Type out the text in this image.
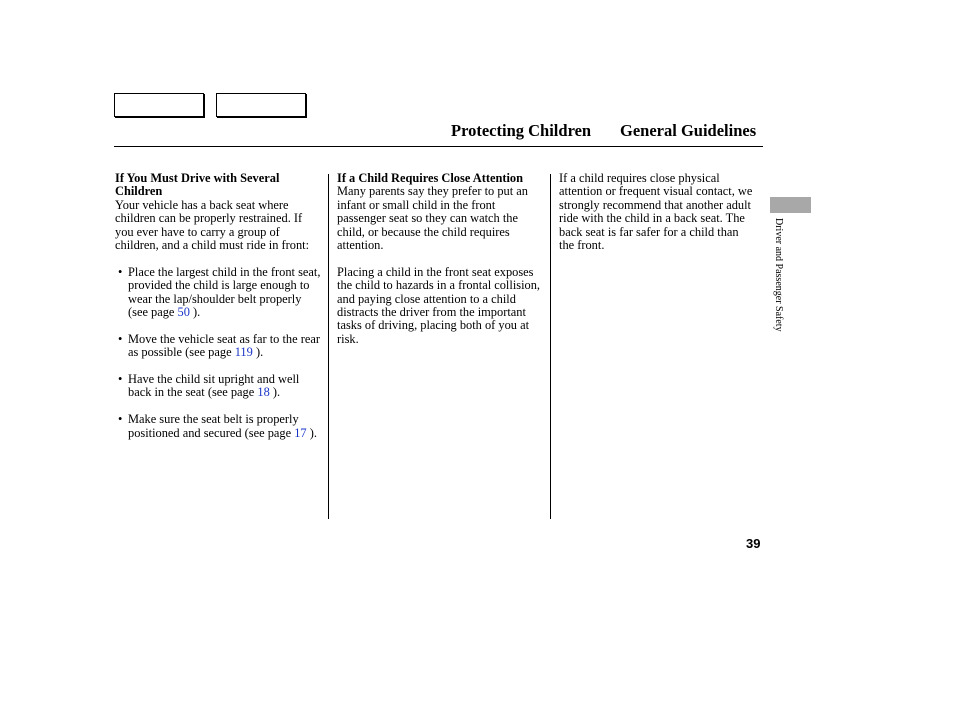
Protecting Children General Guidelines
If You Must Drive with Several Children

Your vehicle has a back seat where children can be properly restrained. If you ever have to carry a group of children, and a child must ride in front:

• Place the largest child in the front seat, provided the child is large enough to wear the lap/shoulder belt properly (see page 50 ).
• Move the vehicle seat as far to the rear as possible (see page 119 ).
• Have the child sit upright and well back in the seat (see page 18 ).
• Make sure the seat belt is properly positioned and secured (see page 17 ).
If a Child Requires Close Attention

Many parents say they prefer to put an infant or small child in the front passenger seat so they can watch the child, or because the child requires attention.

Placing a child in the front seat exposes the child to hazards in a frontal collision, and paying close attention to a child distracts the driver from the important tasks of driving, placing both of you at risk.

If a child requires close physical attention or frequent visual contact, we strongly recommend that another adult ride with the child in a back seat. The back seat is far safer for a child than the front.	Driver and Passenger Safety
39
